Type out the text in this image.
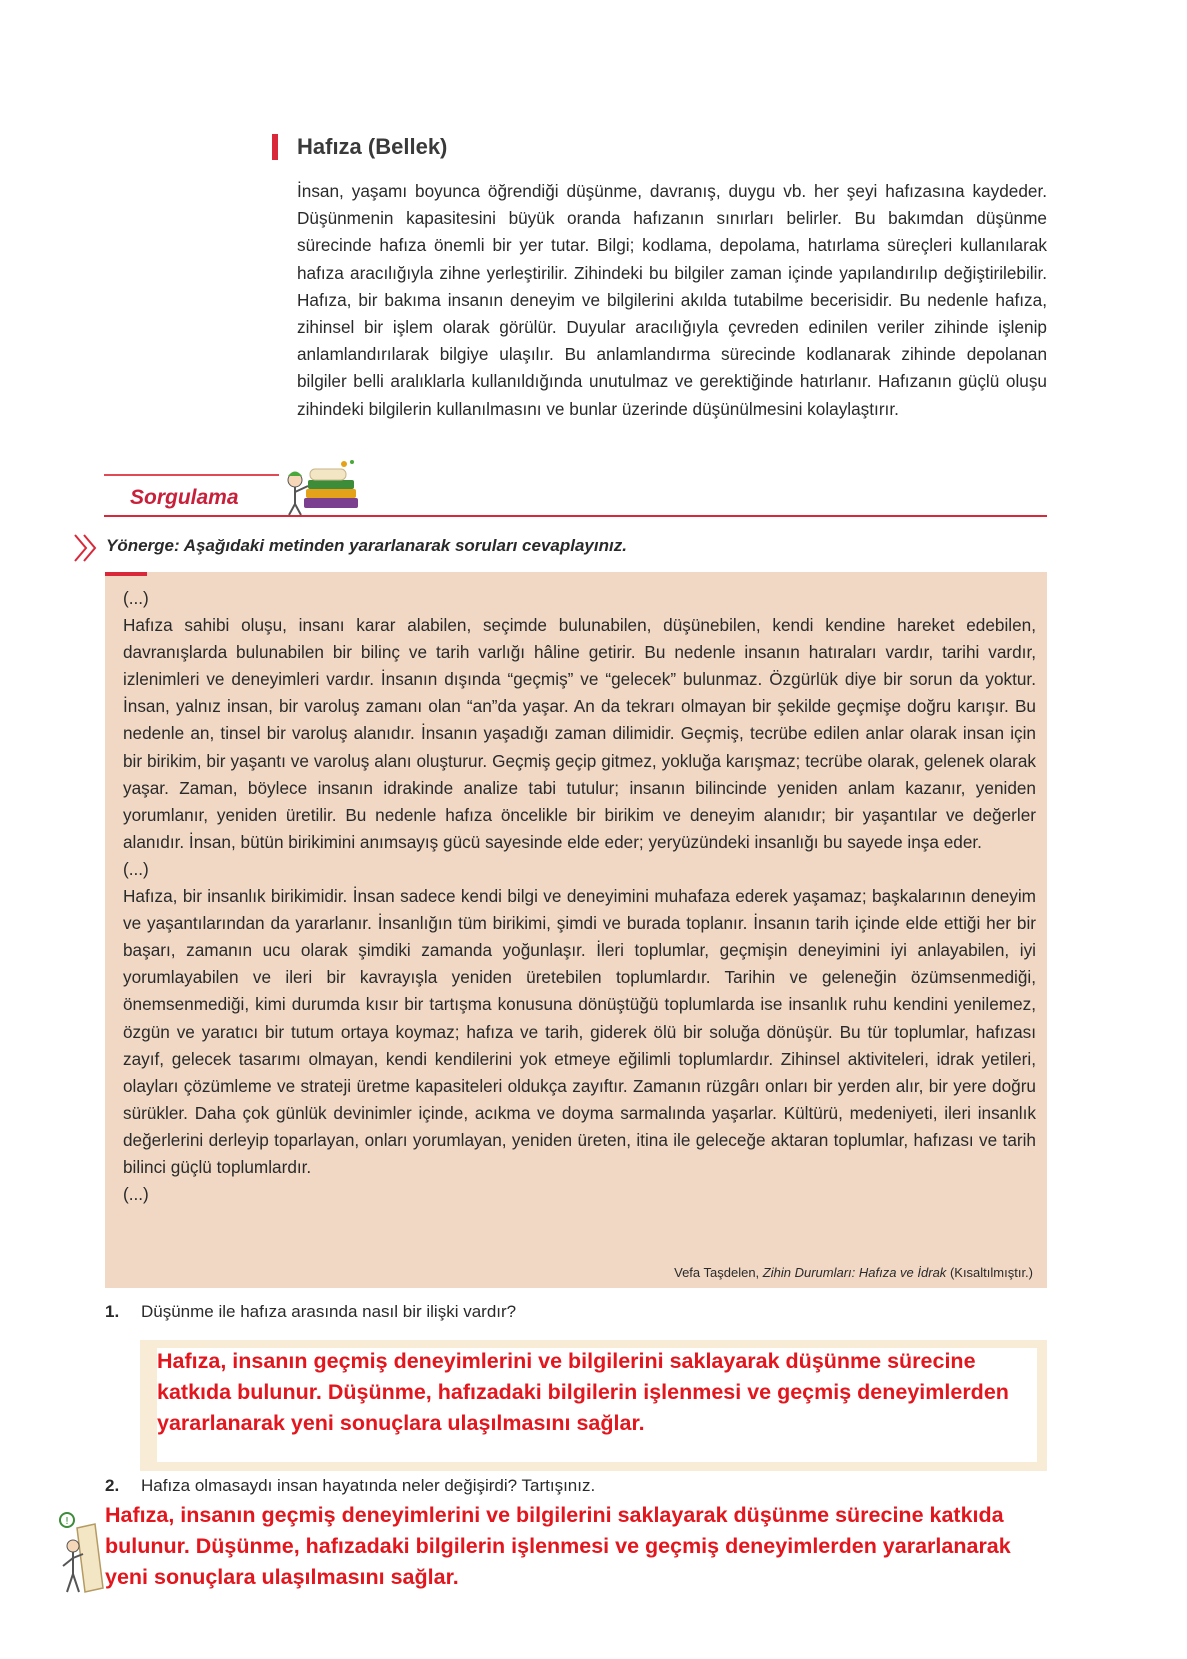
Hafıza (Bellek)

İnsan, yaşamı boyunca öğrendiği düşünme, davranış, duygu vb. her şeyi hafızasına kaydeder. Düşünmenin kapasitesini büyük oranda hafızanın sınırları belirler. Bu bakımdan düşünme sürecinde hafıza önemli bir yer tutar. Bilgi; kodlama, depolama, hatırlama süreçleri kullanılarak hafıza aracılığıyla zihne yerleştirilir. Zihindeki bu bilgiler zaman içinde yapılandırılıp değiştirilebilir. Hafıza, bir bakıma insanın deneyim ve bilgilerini akılda tutabilme becerisidir. Bu nedenle hafıza, zihinsel bir işlem olarak görülür. Duyular aracılığıyla çevreden edinilen veriler zihinde işlenip anlamlandırılarak bilgiye ulaşılır. Bu anlamlandırma sürecinde kodlanarak zihinde depolanan bilgiler belli aralıklarla kullanıldığında unutulmaz ve gerektiğinde hatırlanır. Hafızanın güçlü oluşu zihindeki bilgilerin kullanılmasını ve bunlar üzerinde düşünülmesini kolaylaştırır.

Sorgulama
Yönerge: Aşağıdaki metinden yararlanarak soruları cevaplayınız.

(...)

Hafıza sahibi oluşu, insanı karar alabilen, seçimde bulunabilen, düşünebilen, kendi kendine hareket edebilen, davranışlarda bulunabilen bir bilinç ve tarih varlığı hâline getirir. Bu nedenle insanın hatıraları vardır, tarihi vardır, izlenimleri ve deneyimleri vardır. İnsanın dışında “geçmiş” ve “gelecek” bulunmaz. Özgürlük diye bir sorun da yoktur. İnsan, yalnız insan, bir varoluş zamanı olan “an”da yaşar. An da tekrarı olmayan bir şekilde geçmişe doğru karışır. Bu nedenle an, tinsel bir varoluş alanıdır. İnsanın yaşadığı zaman dilimidir. Geçmiş, tecrübe edilen anlar olarak insan için bir birikim, bir yaşantı ve varoluş alanı oluşturur. Geçmiş geçip gitmez, yokluğa karışmaz; tecrübe olarak, gelenek olarak yaşar. Zaman, böylece insanın idrakinde analize tabi tutulur; insanın bilincinde yeniden anlam kazanır, yeniden yorumlanır, yeniden üretilir. Bu nedenle hafıza öncelikle bir birikim ve deneyim alanıdır; bir yaşantılar ve değerler alanıdır. İnsan, bütün birikimini anımsayış gücü sayesinde elde eder; yeryüzündeki insanlığı bu sayede inşa eder.

(...)

Hafıza, bir insanlık birikimidir. İnsan sadece kendi bilgi ve deneyimini muhafaza ederek yaşamaz; başkalarının deneyim ve yaşantılarından da yararlanır. İnsanlığın tüm birikimi, şimdi ve burada toplanır. İnsanın tarih içinde elde ettiği her bir başarı, zamanın ucu olarak şimdiki zamanda yoğunlaşır. İleri toplumlar, geçmişin deneyimini iyi anlayabilen, iyi yorumlayabilen ve ileri bir kavrayışla yeniden üretebilen toplumlardır. Tarihin ve geleneğin özümsenmediği, önemsenmediği, kimi durumda kısır bir tartışma konusuna dönüştüğü toplumlarda ise insanlık ruhu kendini yenilemez, özgün ve yaratıcı bir tutum ortaya koymaz; hafıza ve tarih, giderek ölü bir soluğa dönüşür. Bu tür toplumlar, hafızası zayıf, gelecek tasarımı olmayan, kendi kendilerini yok etmeye eğilimli toplumlardır. Zihinsel aktiviteleri, idrak yetileri, olayları çözümleme ve strateji üretme kapasiteleri oldukça zayıftır. Zamanın rüzgârı onları bir yerden alır, bir yere doğru sürükler. Daha çok günlük devinimler içinde, acıkma ve doyma sarmalında yaşarlar. Kültürü, medeniyeti, ileri insanlık değerlerini derleyip toparlayan, onları yorumlayan, yeniden üreten, itina ile geleceğe aktaran toplumlar, hafızası ve tarih bilinci güçlü toplumlardır.

(...)

Vefa Taşdelen, Zihin Durumları: Hafıza ve İdrak (Kısaltılmıştır.)
1. Düşünme ile hafıza arasında nasıl bir ilişki vardır?
Hafıza, insanın geçmiş deneyimlerini ve bilgilerini saklayarak düşünme sürecine katkıda bulunur. Düşünme, hafızadaki bilgilerin işlenmesi ve geçmiş deneyimlerden yararlanarak yeni sonuçlara ulaşılmasını sağlar.
2. Hafıza olmasaydı insan hayatında neler değişirdi? Tartışınız.
! Hafıza, insanın geçmiş deneyimlerini ve bilgilerini saklayarak düşünme sürecine katkıda bulunur. Düşünme, hafızadaki bilgilerin işlenmesi ve geçmiş deneyimlerden yararlanarak yeni sonuçlara ulaşılmasını sağlar.
